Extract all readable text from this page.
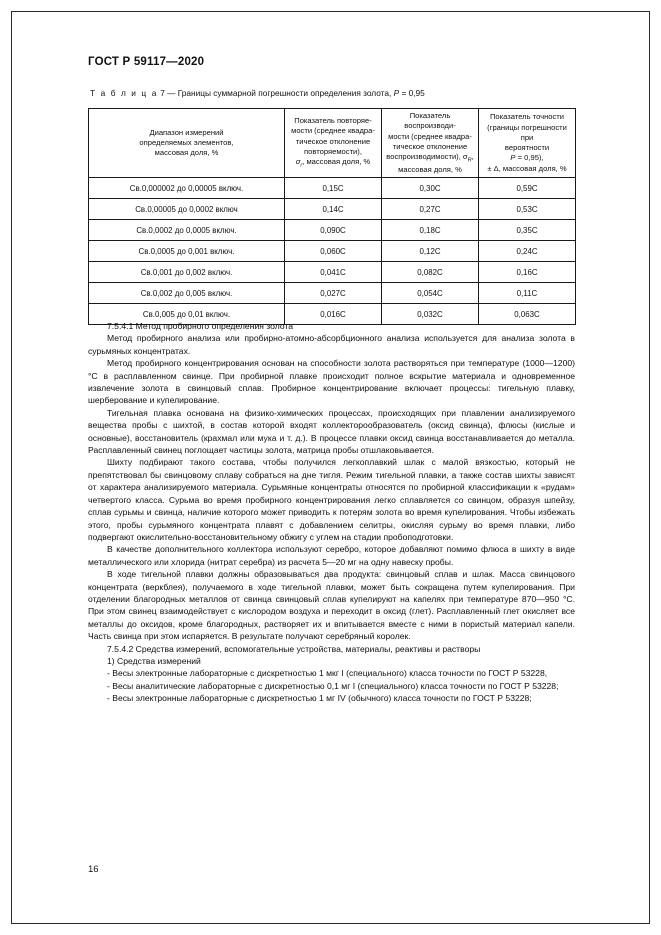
ГОСТ Р 59117—2020
Т а б л и ц а 7 — Границы суммарной погрешности определения золота, P = 0,95
Диапазон измерений
определяемых элементов,
массовая доля, %	Показатель повторяе-
мости (среднее квадра-
тическое отклонение
повторяемости),
$\sigma_r$, массовая доля, %	Показатель воспроизводи-
мости (среднее квадра-
тическое отклонение
воспроизводимости), $\sigma_R$,
массовая доля, %	Показатель точности
(границы погрешности при
вероятности
P = 0,95),
± Δ, массовая доля, %
Св.0,000002 до 0,00005 включ.	0,15С	0,30С	0,59С
Св.0,00005 до 0,0002 включ	0,14С	0,27С	0,53С
Св.0,0002 до 0,0005 включ.	0,090С	0,18С	0,35С
Св.0,0005 до 0,001 включ.	0,060С	0,12С	0,24С
Св.0,001 до 0,002 включ.	0,041С	0,082С	0,16С
Св.0,002 до 0,005 включ.	0,027С	0,054С	0,11С
Св.0,005 до 0,01 включ.	0,016С	0,032С	0,063С

7.5.4.1 Метод пробирного определения золота

Метод пробирного анализа или пробирно-атомно-абсорбционного анализа используется для анализа золота в сурьмяных концентратах.

Метод пробирного концентрирования основан на способности золота растворяться при температуре (1000—1200) °С в расплавленном свинце. При пробирной плавке происходит полное вскрытие материала и одновременное извлечение золота в свинцовый сплав. Пробирное концентрирование включает процессы: тигельную плавку, шерберование и купелирование.

Тигельная плавка основана на физико-химических процессах, происходящих при плавлении анализируемого вещества пробы с шихтой, в состав которой входят коллекторообразователь (оксид свинца), флюсы (кислые и основные), восстановитель (крахмал или мука и т. д.). В процессе плавки оксид свинца восстанавливается до металла. Расплавленный свинец поглощает частицы золота, матрица пробы отшлаковывается.

Шихту подбирают такого состава, чтобы получился легкоплавкий шлак с малой вязкостью, который не препятствовал бы свинцовому сплаву собраться на дне тигля. Режим тигельной плавки, а также состав шихты зависят от характера анализируемого материала. Сурьмяные концентраты относятся по пробирной классификации к «рудам» четвертого класса. Сурьма во время пробирного концентрирования легко сплавляется со свинцом, образуя шпейзу, сплав сурьмы и свинца, наличие которого может приводить к потерям золота во время купелирования. Чтобы избежать этого, пробы сурьмяного концентрата плавят с добавлением селитры, окисляя сурьму во время плавки, либо подвергают окислительно-восстановительному обжигу с углем на стадии пробоподготовки.

В качестве дополнительного коллектора используют серебро, которое добавляют помимо флюса в шихту в виде металлического или хлорида (нитрат серебра) из расчета 5—20 мг на одну навеску пробы.

В ходе тигельной плавки должны образовываться два продукта: свинцовый сплав и шлак. Масса свинцового концентрата (веркблея), получаемого в ходе тигельной плавки, может быть сокращена путем купелирования. При отделении благородных металлов от свинца свинцовый сплав купелируют на капелях при температуре 870—950 °С. При этом свинец взаимодействует с кислородом воздуха и переходит в оксид (глет). Расплавленный глет окисляет все металлы до оксидов, кроме благородных, растворяет их и впитывается вместе с ними в пористый материал капели. Часть свинца при этом испаряется. В результате получают серебряный королек.

7.5.4.2 Средства измерений, вспомогательные устройства, материалы, реактивы и растворы

1) Средства измерений

- Весы электронные лабораторные с дискретностью 1 мкг I (специального) класса точности по ГОСТ Р 53228,

- Весы аналитические лабораторные с дискретностью 0,1 мг I (специального) класса точности по ГОСТ Р 53228;

- Весы электронные лабораторные с дискретностью 1 мг IV (обычного) класса точности по ГОСТ Р 53228;

16
